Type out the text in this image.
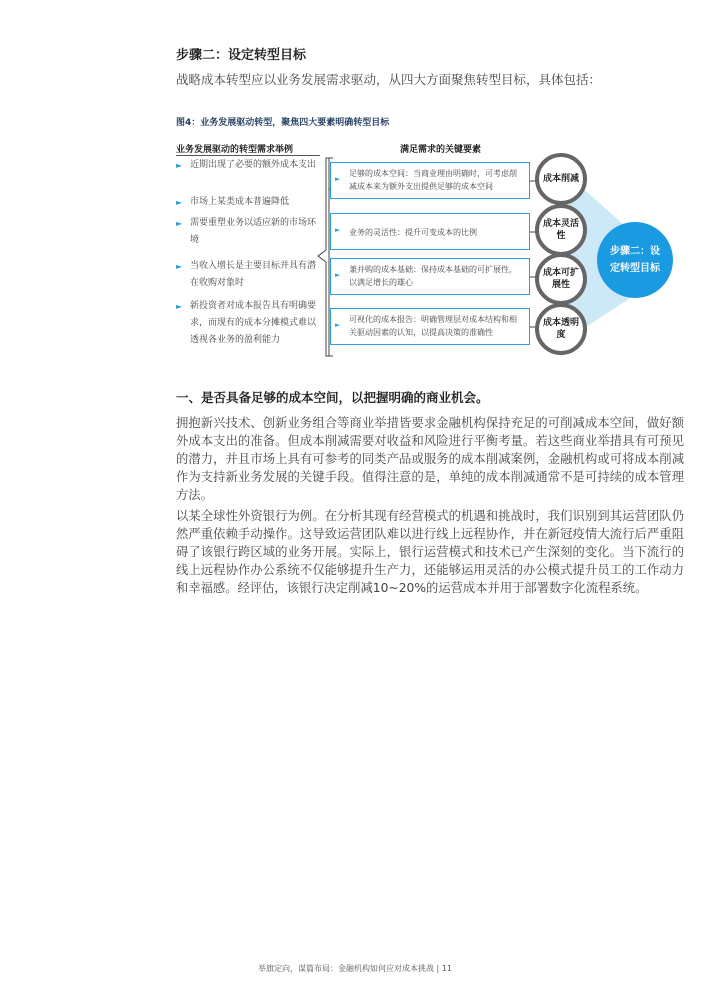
步骤二：设定转型目标
战略成本转型应以业务发展需求驱动，从四大方面聚焦转型目标，具体包括：
图4：业务发展驱动转型，聚焦四大要素明确转型目标
业务发展驱动的转型需求举例	满足需求的关键要素
► 近期出现了必要的额外成本支出
► 市场上某类成本普遍降低
► 需要重塑业务以适应新的市场环境
► 当收入增长是主要目标并具有潜在收购对象时
► 新投资者对成本报告具有明确要求，而现有的成本分摊模式难以透视各业务的盈利能力
►
足够的成本空间：当商业理由明确时，可考虑削减成本来为额外支出提供足够的成本空间
► 业务的灵活性：提升可变成本的比例
►
兼并购的成本基础：保持成本基础的可扩展性，以满足增长的雄心
►
可视化的成本报告：明确管理层对成本结构和相关驱动因素的认知，以提高决策的准确性
成本削减
成本灵活性
成本可扩展性
成本透明度
步骤二：设定转型目标
一、是否具备足够的成本空间，以把握明确的商业机会。
拥抱新兴技术、创新业务组合等商业举措皆要求金融机构保持充足的可削减成本空间，做好额外成本支出的准备。但成本削减需要对收益和风险进行平衡考量。若这些商业举措具有可预见的潜力，并且市场上具有可参考的同类产品或服务的成本削减案例，金融机构或可将成本削减作为支持新业务发展的关键手段。值得注意的是，单纯的成本削减通常不是可持续的成本管理方法。
以某全球性外资银行为例。在分析其现有经营模式的机遇和挑战时，我们识别到其运营团队仍然严重依赖手动操作。这导致运营团队难以进行线上远程协作，并在新冠疫情大流行后严重阻碍了该银行跨区域的业务开展。实际上，银行运营模式和技术已产生深刻的变化。当下流行的线上远程协作办公系统不仅能够提升生产力，还能够运用灵活的办公模式提升员工的工作动力和幸福感。经评估，该银行决定削减10~20%的运营成本并用于部署数字化流程系统。
举旗定向，谋篇布局：金融机构如何应对成本挑战 | 11
